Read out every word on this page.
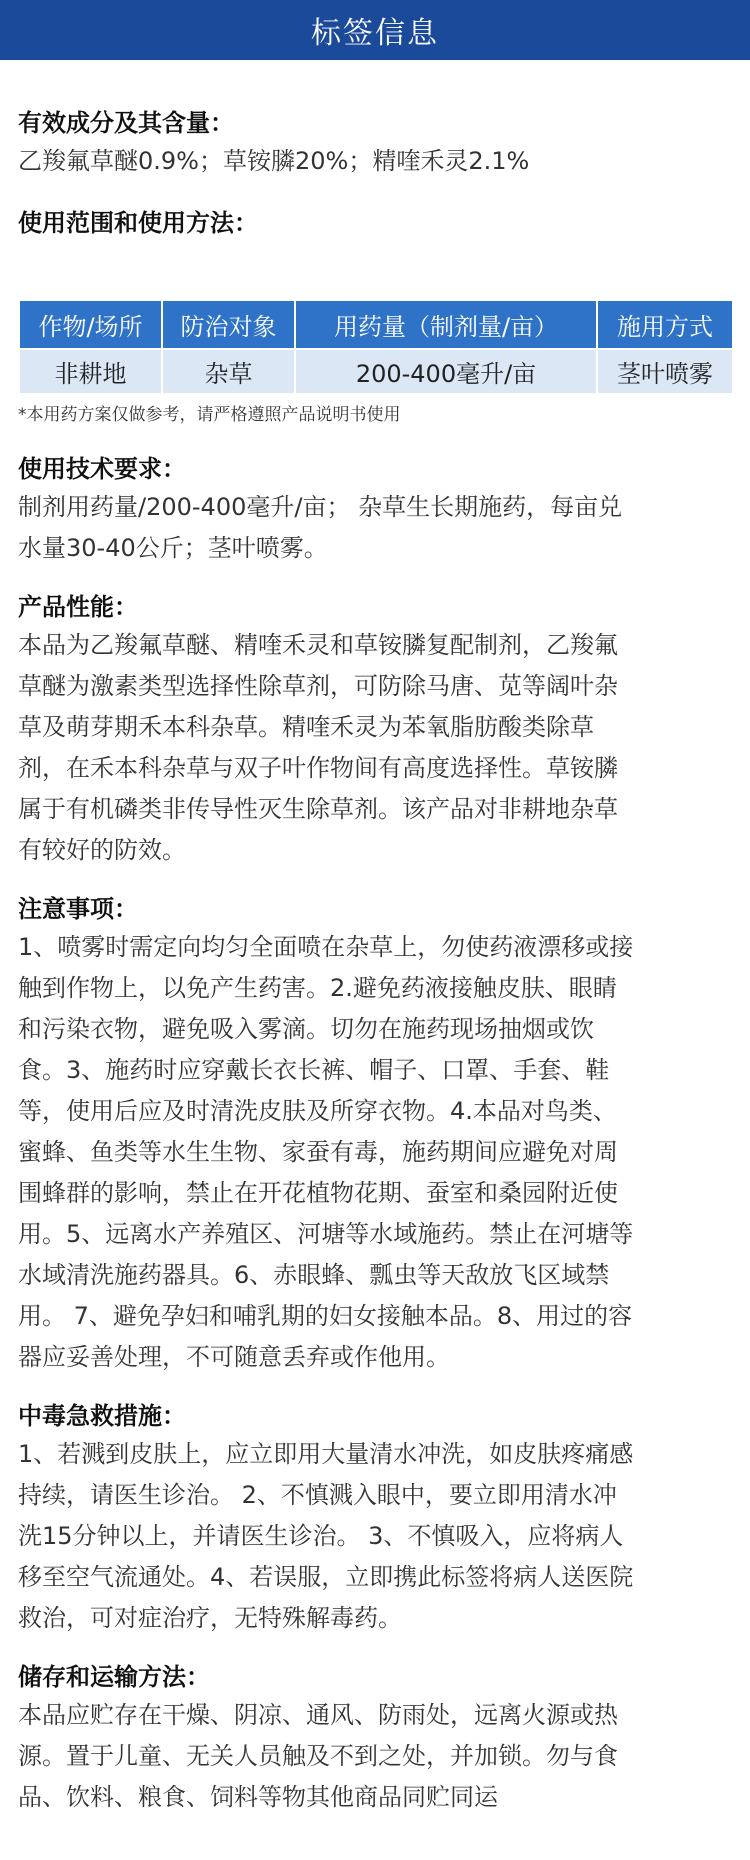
标签信息

有效成分及其含量：

乙羧氟草醚0.9%；草铵膦20%；精喹禾灵2.1%

使用范围和使用方法：

作物/场所	防治对象	用药量（制剂量/亩）	施用方式
非耕地	杂草	200-400毫升/亩	茎叶喷雾

*本用药方案仅做参考，请严格遵照产品说明书使用

使用技术要求：

制剂用药量/200-400毫升/亩； 杂草生长期施药，每亩兑

水量30-40公斤；茎叶喷雾。

产品性能：

本品为乙羧氟草醚、精喹禾灵和草铵膦复配制剂，乙羧氟

草醚为激素类型选择性除草剂，可防除马唐、苋等阔叶杂

草及萌芽期禾本科杂草。精喹禾灵为苯氧脂肪酸类除草

剂，在禾本科杂草与双子叶作物间有高度选择性。草铵膦

属于有机磷类非传导性灭生除草剂。该产品对非耕地杂草

有较好的防效。

注意事项：

1、喷雾时需定向均匀全面喷在杂草上，勿使药液漂移或接

触到作物上，以免产生药害。2.避免药液接触皮肤、眼睛

和污染衣物，避免吸入雾滴。切勿在施药现场抽烟或饮

食。3、施药时应穿戴长衣长裤、帽子、口罩、手套、鞋

等，使用后应及时清洗皮肤及所穿衣物。4.本品对鸟类、

蜜蜂、鱼类等水生生物、家蚕有毒，施药期间应避免对周

围蜂群的影响，禁止在开花植物花期、蚕室和桑园附近使

用。5、远离水产养殖区、河塘等水域施药。禁止在河塘等

水域清洗施药器具。6、赤眼蜂、瓢虫等天敌放飞区域禁

用。 7、避免孕妇和哺乳期的妇女接触本品。8、用过的容

器应妥善处理，不可随意丢弃或作他用。

中毒急救措施：

1、若溅到皮肤上，应立即用大量清水冲洗，如皮肤疼痛感

持续，请医生诊治。 2、不慎溅入眼中，要立即用清水冲

洗15分钟以上，并请医生诊治。 3、不慎吸入，应将病人

移至空气流通处。4、若误服，立即携此标签将病人送医院

救治，可对症治疗，无特殊解毒药。

储存和运输方法：

本品应贮存在干燥、阴凉、通风、防雨处，远离火源或热

源。置于儿童、无关人员触及不到之处，并加锁。勿与食

品、饮料、粮食、饲料等物其他商品同贮同运
